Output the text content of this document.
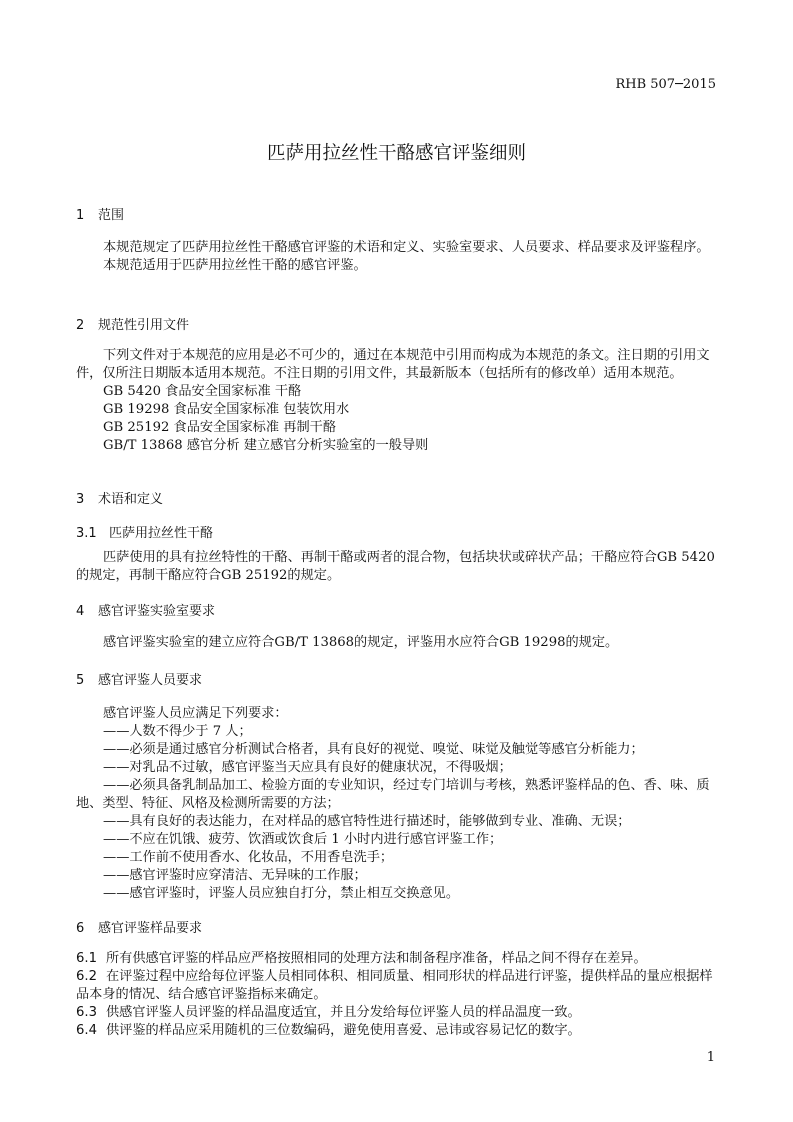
RHB 507─2015
匹萨用拉丝性干酪感官评鉴细则
1 范围

本规范规定了匹萨用拉丝性干酪感官评鉴的术语和定义、实验室要求、人员要求、样品要求及评鉴程序。

本规范适用于匹萨用拉丝性干酪的感官评鉴。

2 规范性引用文件

下列文件对于本规范的应用是必不可少的，通过在本规范中引用而构成为本规范的条文。注日期的引用文件，仅所注日期版本适用本规范。不注日期的引用文件，其最新版本（包括所有的修改单）适用本规范。

GB 5420 食品安全国家标准 干酪

GB 19298 食品安全国家标准 包装饮用水

GB 25192 食品安全国家标准 再制干酪

GB/T 13868 感官分析 建立感官分析实验室的一般导则

3 术语和定义
3.1 匹萨用拉丝性干酪

匹萨使用的具有拉丝特性的干酪、再制干酪或两者的混合物，包括块状或碎状产品；干酪应符合GB 5420的规定，再制干酪应符合GB 25192的规定。

4 感官评鉴实验室要求

感官评鉴实验室的建立应符合GB/T 13868的规定，评鉴用水应符合GB 19298的规定。

5 感官评鉴人员要求

感官评鉴人员应满足下列要求：

——人数不得少于 7 人；

——必须是通过感官分析测试合格者，具有良好的视觉、嗅觉、味觉及触觉等感官分析能力；

——对乳品不过敏，感官评鉴当天应具有良好的健康状况，不得吸烟；

——必须具备乳制品加工、检验方面的专业知识，经过专门培训与考核，熟悉评鉴样品的色、香、味、质地、类型、特征、风格及检测所需要的方法；

——具有良好的表达能力，在对样品的感官特性进行描述时，能够做到专业、准确、无误；

——不应在饥饿、疲劳、饮酒或饮食后 1 小时内进行感官评鉴工作；

——工作前不使用香水、化妆品，不用香皂洗手；

——感官评鉴时应穿清洁、无异味的工作服；

——感官评鉴时，评鉴人员应独自打分，禁止相互交换意见。

6 感官评鉴样品要求

6.1 所有供感官评鉴的样品应严格按照相同的处理方法和制备程序准备，样品之间不得存在差异。

6.2 在评鉴过程中应给每位评鉴人员相同体积、相同质量、相同形状的样品进行评鉴，提供样品的量应根据样品本身的情况、结合感官评鉴指标来确定。

6.3 供感官评鉴人员评鉴的样品温度适宜，并且分发给每位评鉴人员的样品温度一致。

6.4 供评鉴的样品应采用随机的三位数编码，避免使用喜爱、忌讳或容易记忆的数字。

1
